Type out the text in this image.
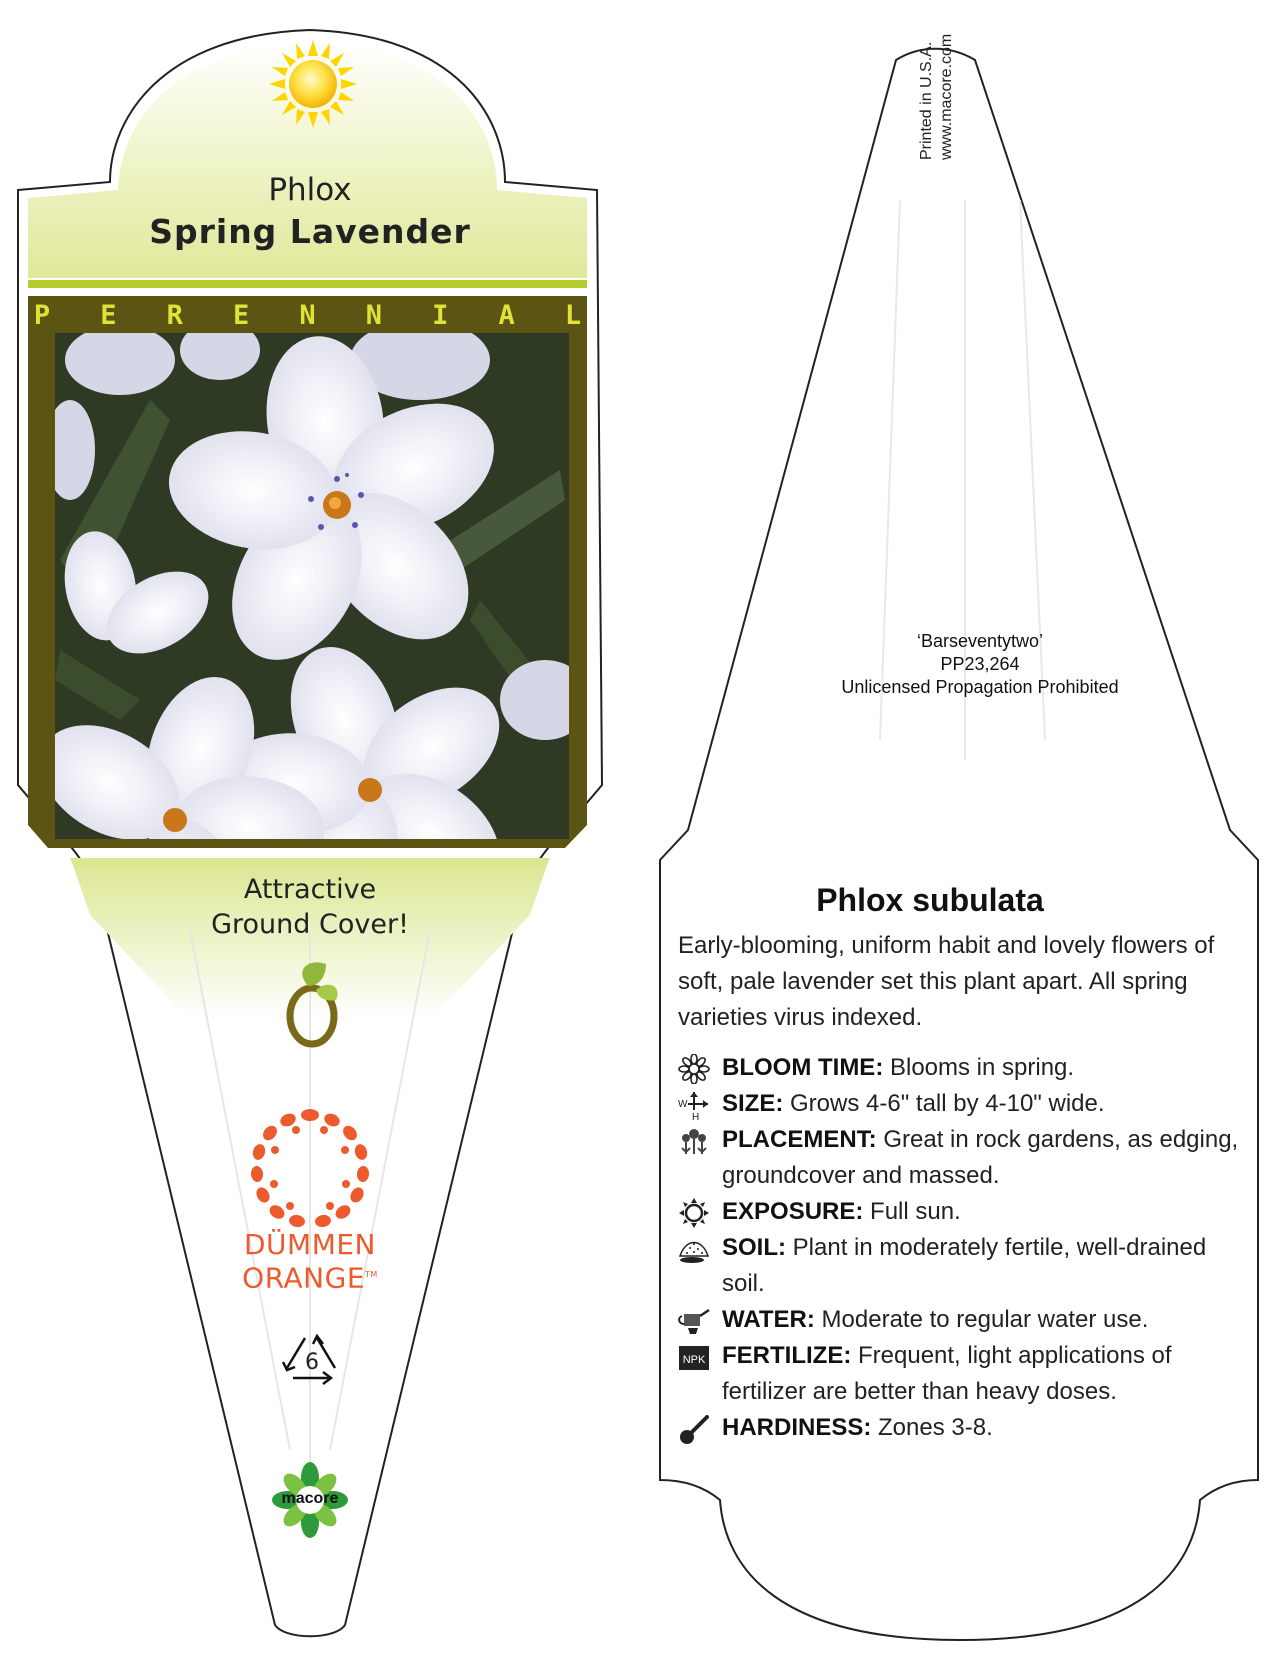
Phlox
Spring Lavender
P E R E N N I A L
Attractive
Ground Cover!
DÜMMEN
ORANGE™
6
macore
Printed in U.S.A. www.macore.com
‘Barseventytwo’
PP23,264
Unlicensed Propagation Prohibited
Phlox subulata
Early-blooming, uniform habit and lovely flowers of soft, pale lavender set this plant apart. All spring varieties virus indexed.
BLOOM TIME: Blooms in spring.
W
H
SIZE: Grows 4-6" tall by 4-10" wide.
PLACEMENT: Great in rock gardens, as edging, groundcover and massed.
EXPOSURE: Full sun.
SOIL: Plant in moderately fertile, well-drained soil.
WATER: Moderate to regular water use.
NPK FERTILIZE: Frequent, light applications of fertilizer are better than heavy doses.
HARDINESS: Zones 3-8.
